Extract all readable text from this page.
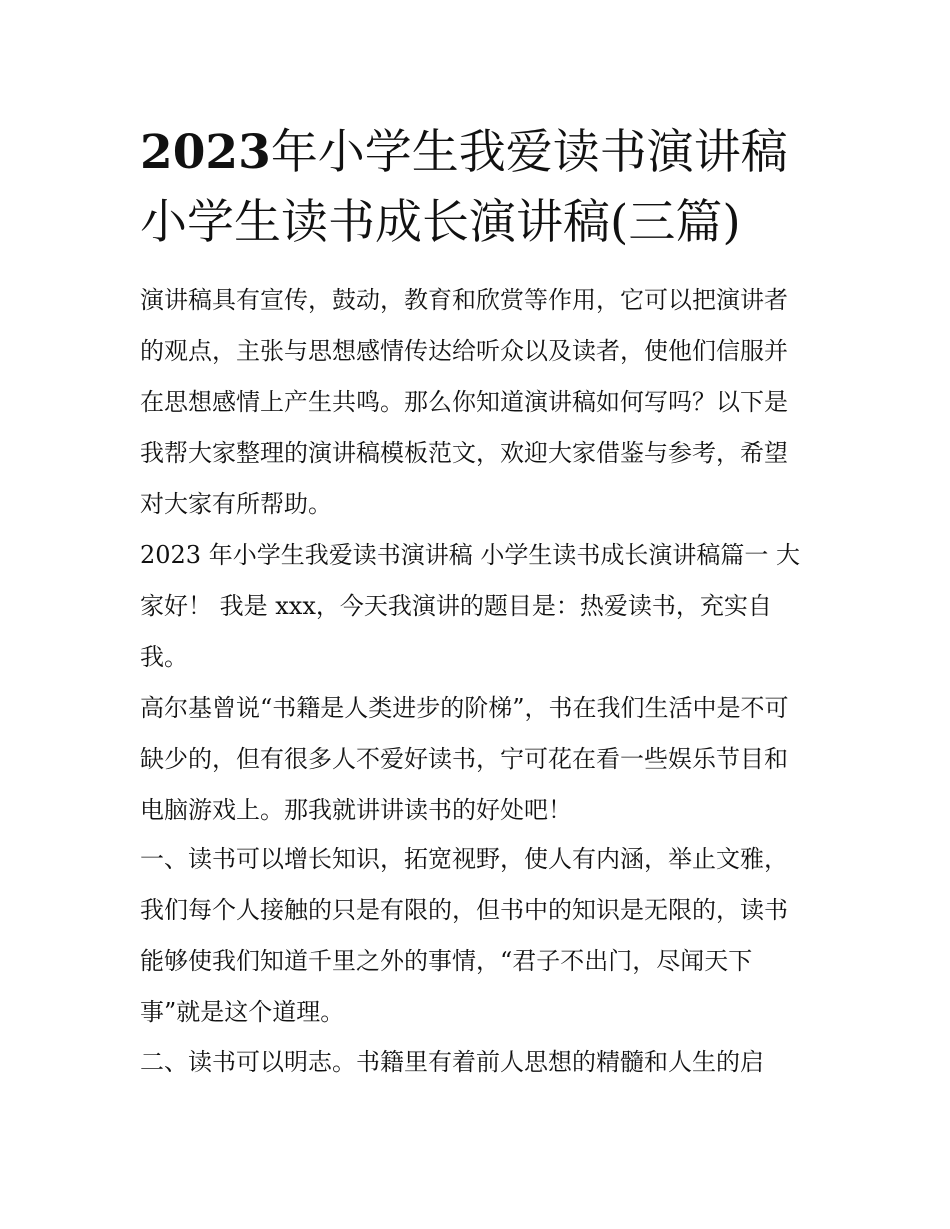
2023年小学生我爱读书演讲稿
小学生读书成长演讲稿(三篇)

演讲稿具有宣传，鼓动，教育和欣赏等作用，它可以把演讲者
的观点，主张与思想感情传达给听众以及读者，使他们信服并
在思想感情上产生共鸣。那么你知道演讲稿如何写吗？以下是
我帮大家整理的演讲稿模板范文，欢迎大家借鉴与参考，希望
对大家有所帮助。

2023 年小学生我爱读书演讲稿 小学生读书成长演讲稿篇一 大
家好！ 我是 xxx，今天我演讲的题目是：热爱读书，充实自
我。

高尔基曾说“书籍是人类进步的阶梯”，书在我们生活中是不可
缺少的，但有很多人不爱好读书，宁可花在看一些娱乐节目和
电脑游戏上。那我就讲讲读书的好处吧！

一、读书可以增长知识，拓宽视野，使人有内涵，举止文雅，
我们每个人接触的只是有限的，但书中的知识是无限的，读书
能够使我们知道千里之外的事情，“君子不出门，尽闻天下
事”就是这个道理。

二、读书可以明志。书籍里有着前人思想的精髓和人生的启
